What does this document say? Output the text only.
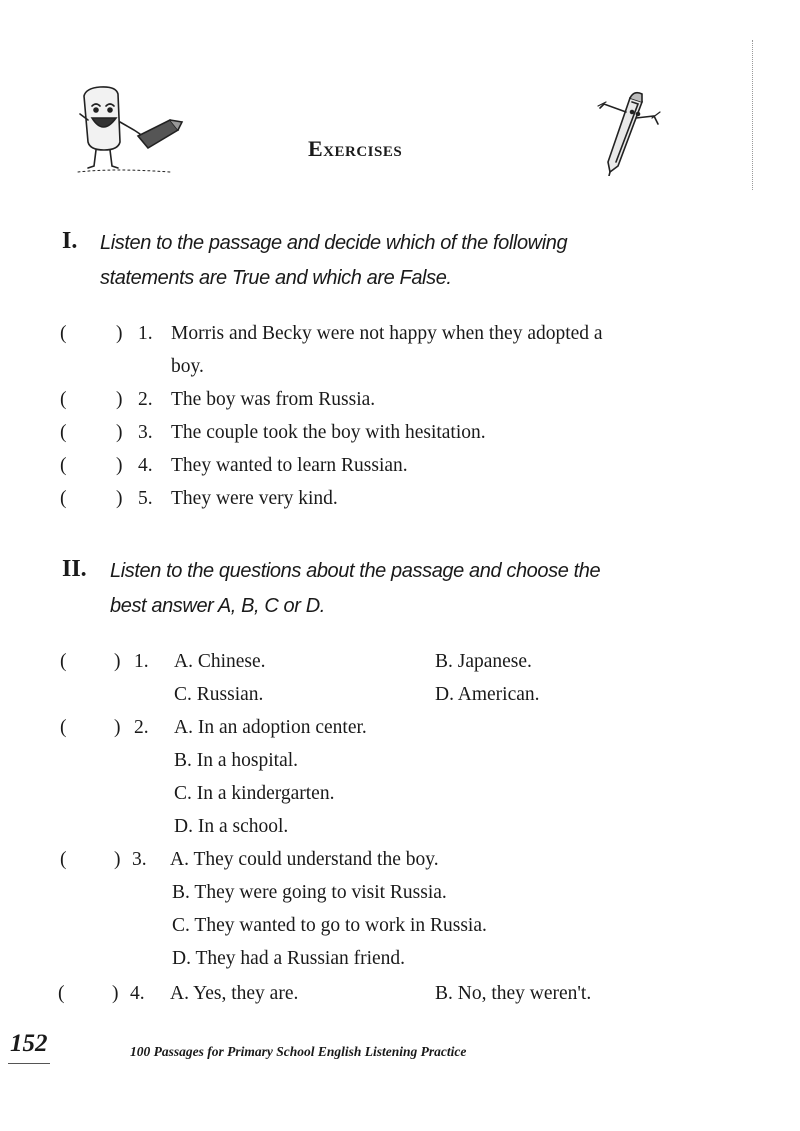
Exercises
I. Listen to the passage and decide which of the following
statements are True and which are False.
(	) 1. Morris and Becky were not happy when they adopted a
boy.
(	) 2. The boy was from Russia.
(	) 3. The couple took the boy with hesitation.
(	) 4. They wanted to learn Russian.
(	) 5. They were very kind.
II. Listen to the questions about the passage and choose the
best answer A, B, C or D.
( ) 1. A. Chinese.	B. Japanese.
C. Russian.	D. American.
( ) 2. A. In an adoption center.
B. In a hospital.
C. In a kindergarten.
D. In a school.
( ) 3. A. They could understand the boy.
B. They were going to visit Russia.
C. They wanted to go to work in Russia.
D. They had a Russian friend.
( ) 4. A. Yes, they are.	B. No, they weren't.
152	100 Passages for Primary School English Listening Practice
